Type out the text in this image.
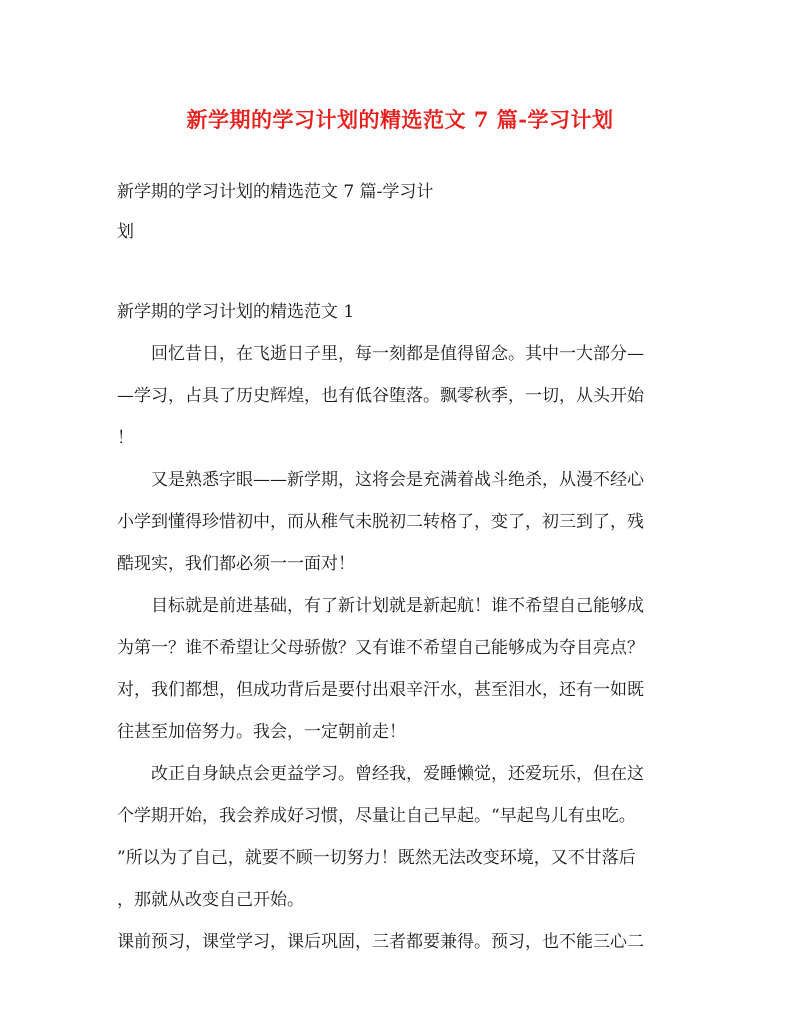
新学期的学习计划的精选范文 7 篇-学习计划

新学期的学习计划的精选范文 7 篇-学习计

划

新学期的学习计划的精选范文 1

　　回忆昔日，在飞逝日子里，每一刻都是值得留念。其中一大部分—

—学习，占具了历史辉煌，也有低谷堕落。飘零秋季，一切，从头开始

！

　　又是熟悉字眼——新学期，这将会是充满着战斗绝杀，从漫不经心

小学到懂得珍惜初中，而从稚气未脱初二转格了，变了，初三到了，残

酷现实，我们都必须一一面对！

　　目标就是前进基础，有了新计划就是新起航！谁不希望自己能够成

为第一？谁不希望让父母骄傲？又有谁不希望自己能够成为夺目亮点？

对，我们都想，但成功背后是要付出艰辛汗水，甚至泪水，还有一如既

往甚至加倍努力。我会，一定朝前走！

　　改正自身缺点会更益学习。曾经我，爱睡懒觉，还爱玩乐，但在这

个学期开始，我会养成好习惯，尽量让自己早起。“早起鸟儿有虫吃。

”所以为了自己，就要不顾一切努力！既然无法改变环境，又不甘落后

，那就从改变自己开始。

课前预习，课堂学习，课后巩固，三者都要兼得。预习，也不能三心二
